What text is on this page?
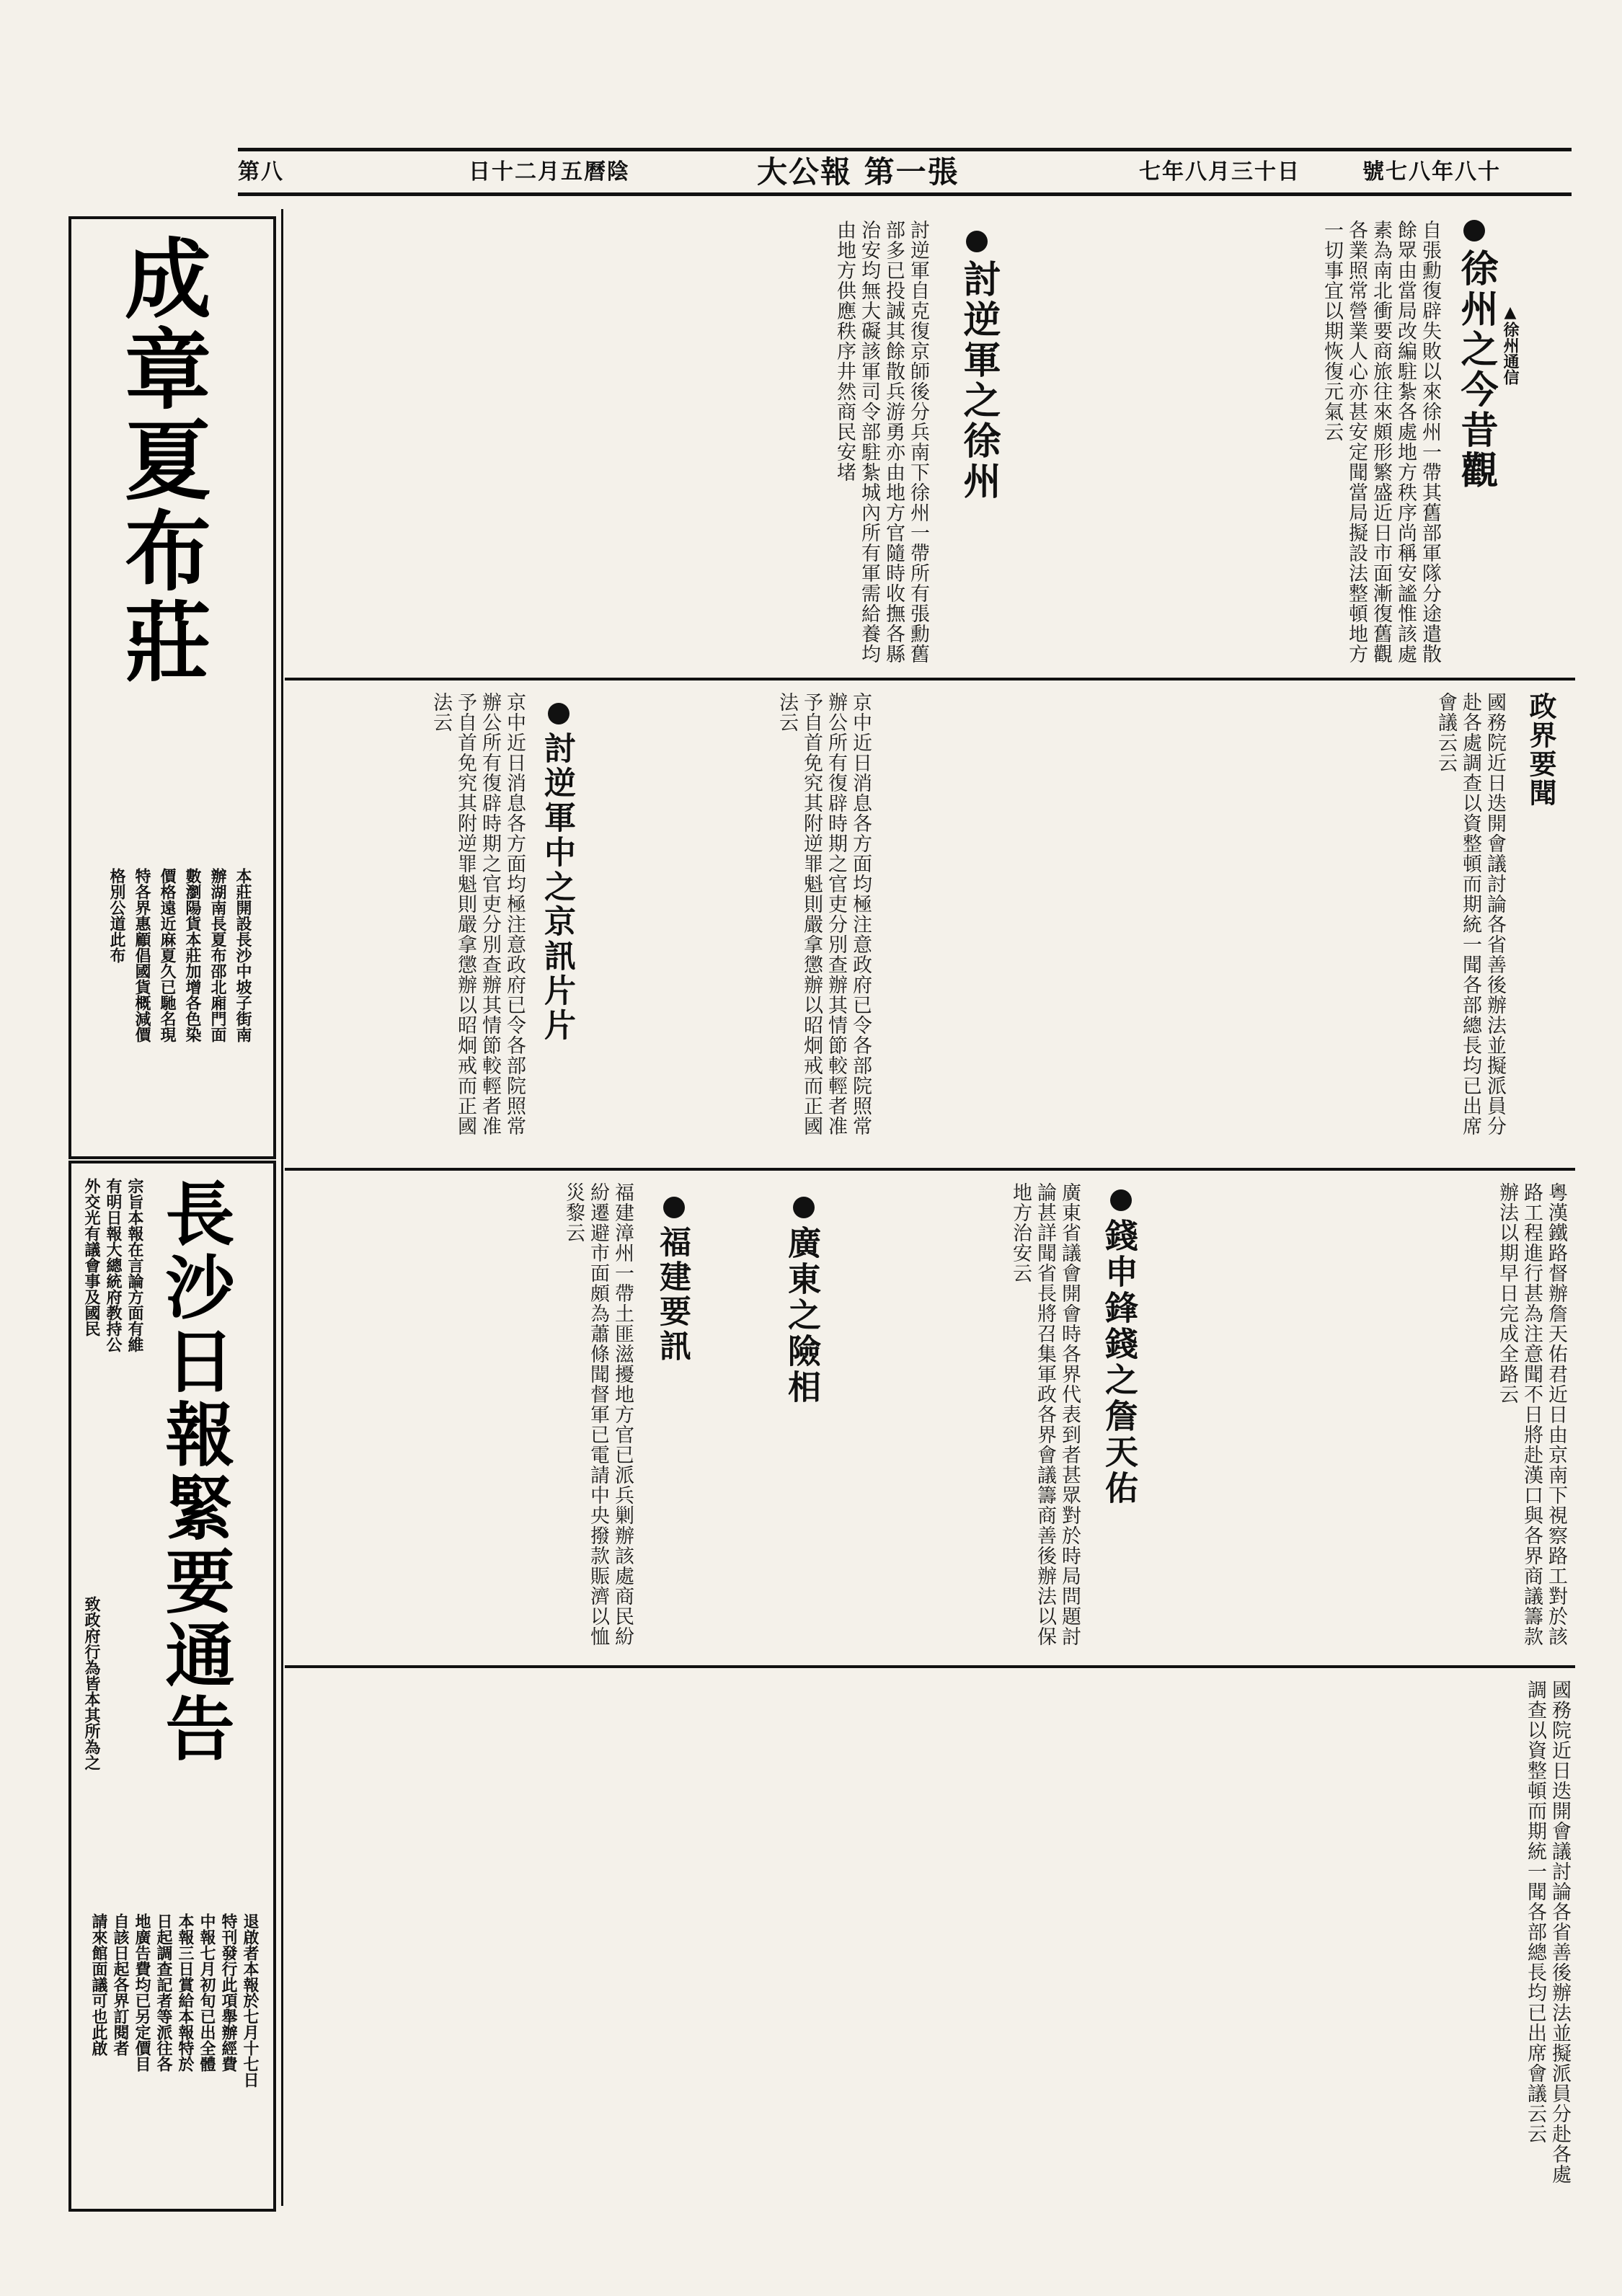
第八	日十二月五曆陰	大公報 第一張	七年八月三十日	號七八年八十
成章夏布莊
本莊開設長沙中坡子街南
辦湖南長夏布邵北廂門面
數瀏陽貨本莊加增各色染
價格遠近麻夏久已馳名現
特各界惠顧倡國貨概減價
格別公道此布
長沙日報緊要通告
宗旨本報在言論方面有維
有明日報大總統府教持公
外交光有議會事及國民
致政府行為皆本其所為之
退啟者本報於七月十七日
特刊發行此項舉辦經費
中報七月初旬已出全體
本報三日賞給本報特於
日起調查記者等派往各
地廣告費均已另定價目
自該日起各界訂閱者
請來館面議可也此啟
徐州之今昔觀 ▲徐州通信
自張勳復辟失敗以來徐州一帶其舊部軍隊分途遣散餘眾由當局改編駐紮各處地方秩序尚稱安謐惟該處素為南北衝要商旅往來頗形繁盛近日市面漸復舊觀各業照常營業人心亦甚安定聞當局擬設法整頓地方一切事宜以期恢復元氣云
討逆軍之徐州
討逆軍自克復京師後分兵南下徐州一帶所有張勳舊部多已投誠其餘散兵游勇亦由地方官隨時收撫各縣治安均無大礙該軍司令部駐紮城內所有軍需給養均由地方供應秩序井然商民安堵
政界要聞
國務院近日迭開會議討論各省善後辦法並擬派員分赴各處調查以資整頓而期統一聞各部總長均已出席會議云云
討逆軍中之京訊片片
京中近日消息各方面均極注意政府已令各部院照常辦公所有復辟時期之官吏分別查辦其情節較輕者准予自首免究其附逆罪魁則嚴拿懲辦以昭炯戒而正國法云	京中近日消息各方面均極注意政府已令各部院照常辦公所有復辟時期之官吏分別查辦其情節較輕者准予自首免究其附逆罪魁則嚴拿懲辦以昭炯戒而正國法云
錢申鋒錢之詹天佑	粵漢鐵路督辦詹天佑君近日由京南下視察路工對於該路工程進行甚為注意聞不日將赴漢口與各界商議籌款辦法以期早日完成全路云
廣東之險相	廣東省議會開會時各界代表到者甚眾對於時局問題討論甚詳聞省長將召集軍政各界會議籌商善後辦法以保地方治安云
福建要訊
福建漳州一帶土匪滋擾地方官已派兵剿辦該處商民紛紛遷避市面頗為蕭條聞督軍已電請中央撥款賑濟以恤災黎云
國務院近日迭開會議討論各省善後辦法並擬派員分赴各處調查以資整頓而期統一聞各部總長均已出席會議云云
